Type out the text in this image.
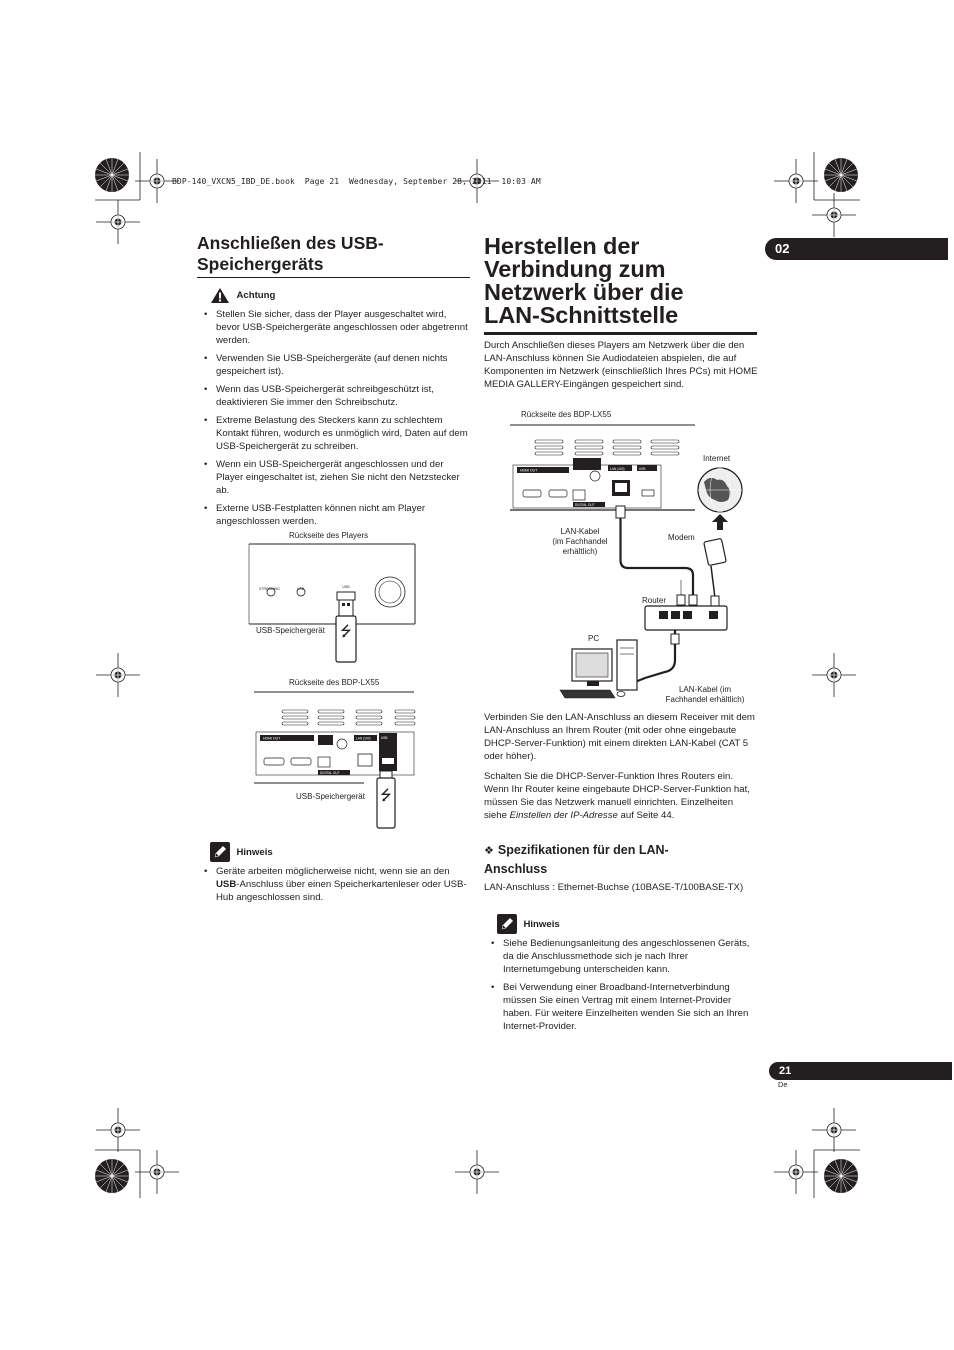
BDP-140_VXCN5_IBD_DE.book  Page 21  Wednesday, September 28, 2011  10:03 AM
02
Anschließen des USB-Speichergeräts
Achtung
• Stellen Sie sicher, dass der Player ausgeschaltet wird, bevor USB-Speichergeräte angeschlossen oder abgetrennt werden.
• Verwenden Sie USB-Speichergeräte (auf denen nichts gespeichert ist).
• Wenn das USB-Speichergerät schreibgeschützt ist, deaktivieren Sie immer den Schreibschutz.
• Extreme Belastung des Steckers kann zu schlechtem Kontakt führen, wodurch es unmöglich wird, Daten auf dem USB-Speichergerät zu schreiben.
• Wenn ein USB-Speichergerät angeschlossen und der Player eingeschaltet ist, ziehen Sie nicht den Netzstecker ab.
• Externe USB-Festplatten können nicht am Player angeschlossen werden.
Rückseite des Players
⭍
STREAMING	USB	USB
USB-Speichergerät
Rückseite des BDP-LX55
⭍
HDMI OUT	LAN (100)
DIGITAL OUT
USB
USB-Speichergerät
Hinweis
• Geräte arbeiten möglicherweise nicht, wenn sie an den USB-Anschluss über einen Speicherkartenleser oder USB-Hub angeschlossen sind.
Herstellen der
Verbindung zum
Netzwerk über die
LAN-Schnittstelle

Durch Anschließen dieses Players am Netzwerk über die den LAN-Anschluss können Sie Audiodateien abspielen, die auf Komponenten im Netzwerk (einschließlich Ihres PCs) mit HOME MEDIA GALLERY-Eingängen gespeichert sind.

Rückseite des BDP-LX55
HDMI OUT	LAN (100)	USB
DIGITAL OUT
Internet
Modem
Router
PC
LAN-Kabel
(im Fachhandel
erhältlich)
LAN-Kabel (im
Fachhandel erhältlich)

Verbinden Sie den LAN-Anschluss an diesem Receiver mit dem LAN-Anschluss an Ihrem Router (mit oder ohne eingebaute DHCP-Server-Funktion) mit einem direkten LAN-Kabel (CAT 5 oder höher).

Schalten Sie die DHCP-Server-Funktion Ihres Routers ein. Wenn Ihr Router keine eingebaute DHCP-Server-Funktion hat, müssen Sie das Netzwerk manuell einrichten. Einzelheiten siehe Einstellen der IP-Adresse auf Seite 44.

❖ Spezifikationen für den LAN-
Anschluss
LAN-Anschluss : Ethernet-Buchse (10BASE-T/100BASE-TX)
Hinweis
• Siehe Bedienungsanleitung des angeschlossenen Geräts, da die Anschlussmethode sich je nach Ihrer Internetumgebung unterscheiden kann.
• Bei Verwendung einer Broadband-Internetverbindung müssen Sie einen Vertrag mit einem Internet-Provider haben. Für weitere Einzelheiten wenden Sie sich an Ihren Internet-Provider.
21
De
